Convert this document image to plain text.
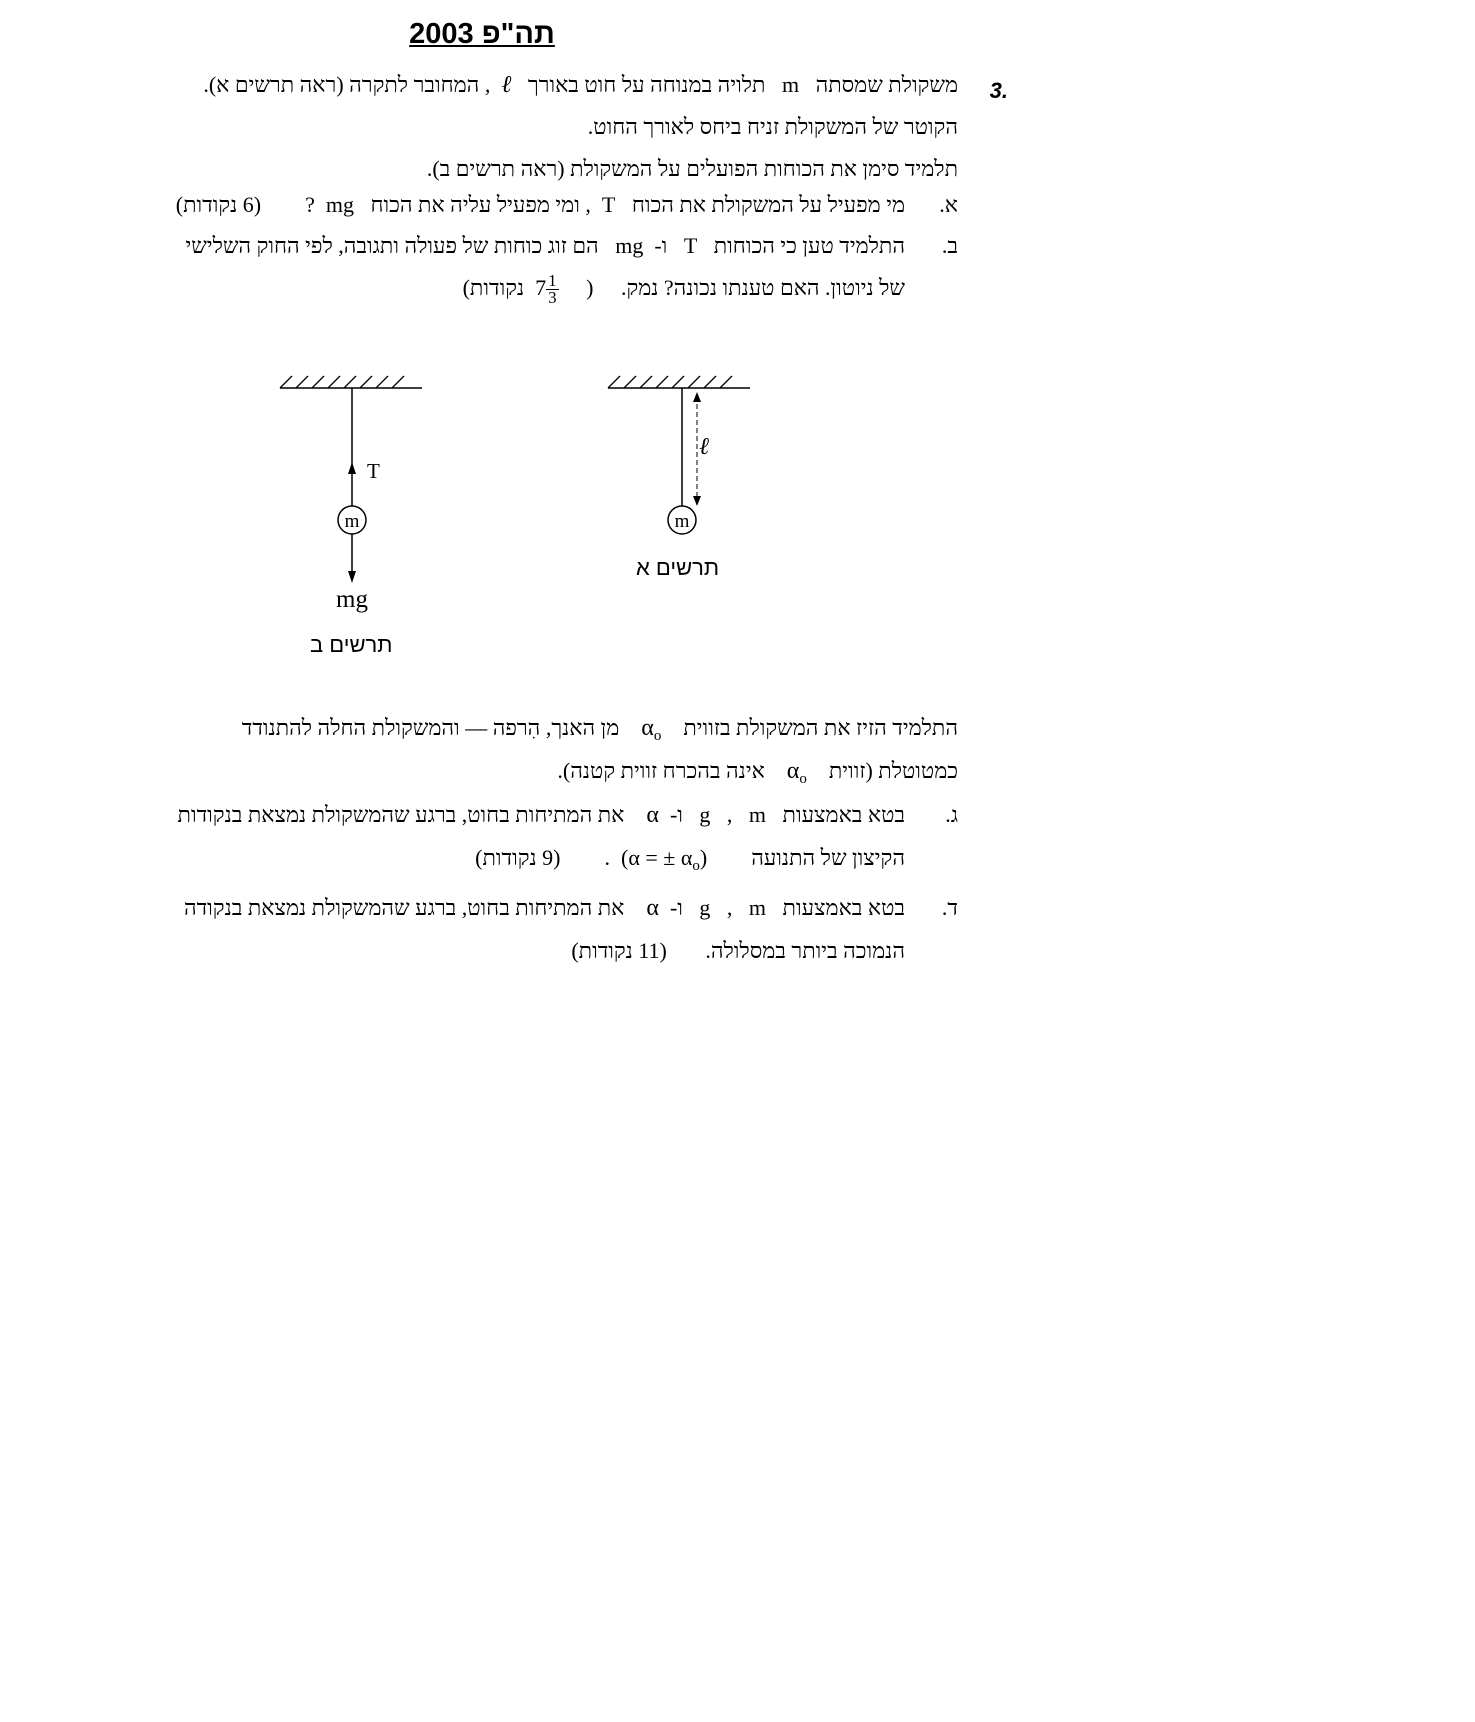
תה"פ 2003
3.
משקולת שמסתה   m   תלויה במנוחה על חוט באורך   ℓ  , המחובר לתקרה (ראה תרשים א).
הקוטר של המשקולת זניח ביחס לאורך החוט.
תלמיד סימן את הכוחות הפועלים על המשקולת (ראה תרשים ב).
א.
מי מפעיל על המשקולת את הכוח   T  , ומי מפעיל עליה את הכוח   mg  ?        (6 נקודות)
ב.
התלמיד טען כי הכוחות   T   ו-  mg   הם זוג כוחות של פעולה ותגובה, לפי החוק השלישי
של ניוטון. האם טענתו נכונה? נמק.     (
$\frac{1}{3}$
7  נקודות)
m
ℓ
T
m
mg
תרשים א
תרשים ב
התלמיד הזיז את המשקולת בזווית    $\alpha_o$    מן האנך, הִרפה — והמשקולת החלה להתנודד
כמטוטלת (זווית    $\alpha_o$    אינה בהכרח זווית קטנה).
ג.
בטא באמצעות   m   ,   g   ו-  α    את המתיחות בחוט, ברגע שהמשקולת נמצאת בנקודות
הקיצון של התנועה        (α = ± $\alpha_o$)  .        (9 נקודות)
ד.
בטא באמצעות   m   ,   g   ו-  α    את המתיחות בחוט, ברגע שהמשקולת נמצאת בנקודה
הנמוכה ביותר במסלולה.       (11 נקודות)
